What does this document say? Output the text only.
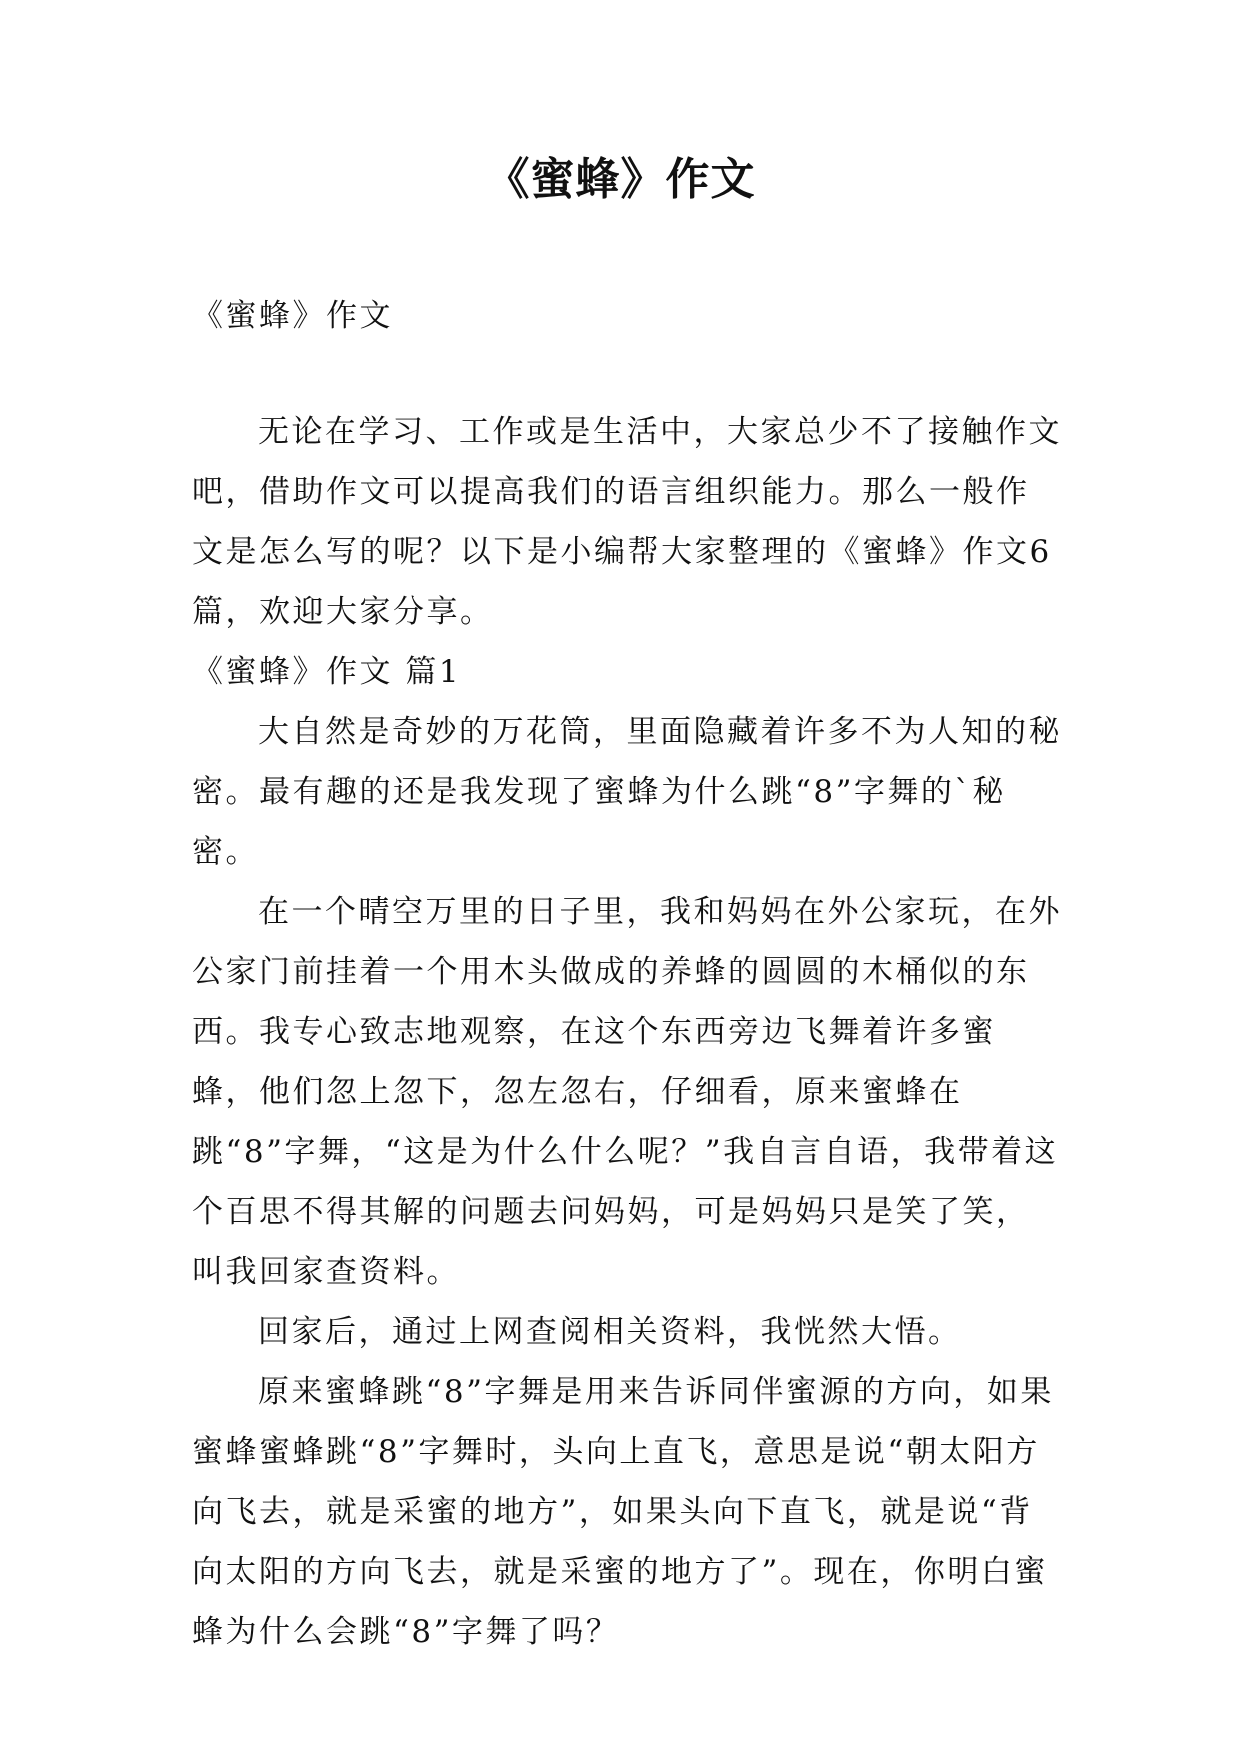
《蜜蜂》作文
《蜜蜂》作文

无论在学习、工作或是生活中，大家总少不了接触作文吧，借助作文可以提高我们的语言组织能力。那么一般作文是怎么写的呢？以下是小编帮大家整理的《蜜蜂》作文6篇，欢迎大家分享。

《蜜蜂》作文 篇1

大自然是奇妙的万花筒，里面隐藏着许多不为人知的秘密。最有趣的还是我发现了蜜蜂为什么跳“8”字舞的`秘密。

在一个晴空万里的日子里，我和妈妈在外公家玩，在外公家门前挂着一个用木头做成的养蜂的圆圆的木桶似的东西。我专心致志地观察，在这个东西旁边飞舞着许多蜜蜂，他们忽上忽下，忽左忽右，仔细看，原来蜜蜂在跳“8”字舞，“这是为什么什么呢？”我自言自语，我带着这个百思不得其解的问题去问妈妈，可是妈妈只是笑了笑，叫我回家查资料。

回家后，通过上网查阅相关资料，我恍然大悟。

原来蜜蜂跳“8”字舞是用来告诉同伴蜜源的方向，如果蜜蜂蜜蜂跳“8”字舞时，头向上直飞，意思是说“朝太阳方向飞去，就是采蜜的地方”，如果头向下直飞，就是说“背向太阳的方向飞去，就是采蜜的地方了”。现在，你明白蜜蜂为什么会跳“8”字舞了吗？
